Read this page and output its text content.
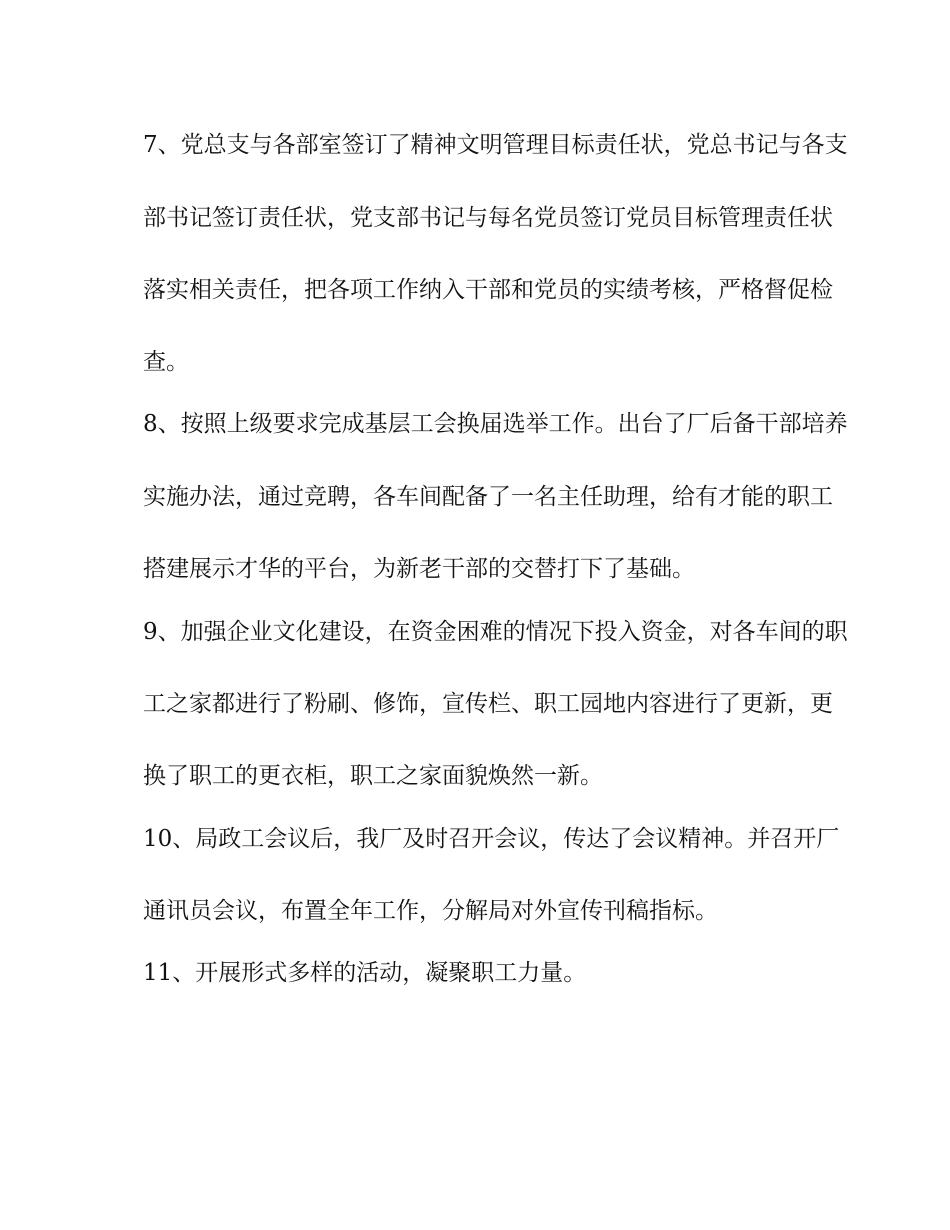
7、党总支与各部室签订了精神文明管理目标责任状，党总书记与各支
部书记签订责任状，党支部书记与每名党员签订党员目标管理责任状
落实相关责任，把各项工作纳入干部和党员的实绩考核，严格督促检
查。
8、按照上级要求完成基层工会换届选举工作。出台了厂后备干部培养
实施办法，通过竞聘，各车间配备了一名主任助理，给有才能的职工
搭建展示才华的平台，为新老干部的交替打下了基础。
9、加强企业文化建设，在资金困难的情况下投入资金，对各车间的职
工之家都进行了粉刷、修饰，宣传栏、职工园地内容进行了更新，更
换了职工的更衣柜，职工之家面貌焕然一新。
10、局政工会议后，我厂及时召开会议，传达了会议精神。并召开厂
通讯员会议，布置全年工作，分解局对外宣传刊稿指标。
11、开展形式多样的活动，凝聚职工力量。
